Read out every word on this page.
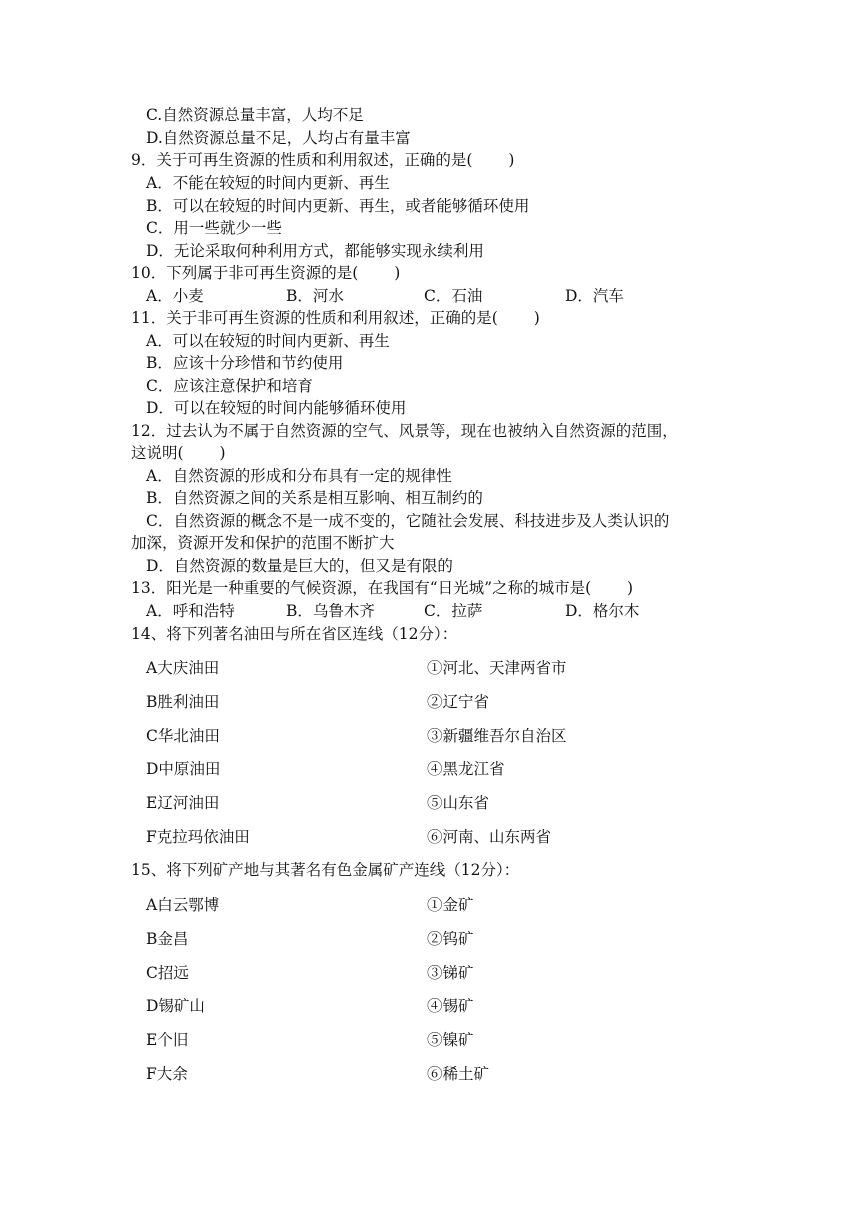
C.自然资源总量丰富，人均不足
D.自然资源总量不足，人均占有量丰富
9．关于可再生资源的性质和利用叙述，正确的是(　　 )
A．不能在较短的时间内更新、再生
B．可以在较短的时间内更新、再生，或者能够循环使用
C．用一些就少一些
D．无论采取何种利用方式，都能够实现永续利用
10．下列属于非可再生资源的是(　　 )
A．小麦	B．河水	C．石油	D．汽车
11．关于非可再生资源的性质和利用叙述，正确的是(　　 )
A．可以在较短的时间内更新、再生
B．应该十分珍惜和节约使用
C．应该注意保护和培育
D．可以在较短的时间内能够循环使用
12．过去认为不属于自然资源的空气、风景等，现在也被纳入自然资源的范围，
这说明(　　 )
A．自然资源的形成和分布具有一定的规律性
B．自然资源之间的关系是相互影响、相互制约的
C．自然资源的概念不是一成不变的，它随社会发展、科技进步及人类认识的
加深，资源开发和保护的范围不断扩大
D．自然资源的数量是巨大的，但又是有限的
13．阳光是一种重要的气候资源，在我国有“日光城”之称的城市是(　　 )
A．呼和浩特	B．乌鲁木齐	C．拉萨	D．格尔木
14、将下列著名油田与所在省区连线（12分）：
A大庆油田	①河北、天津两省市
B胜利油田	②辽宁省
C华北油田	③新疆维吾尔自治区
D中原油田	④黑龙江省
E辽河油田	⑤山东省
F克拉玛依油田	⑥河南、山东两省
15、将下列矿产地与其著名有色金属矿产连线（12分）：
A白云鄂博	①金矿
B金昌	②钨矿
C招远	③锑矿
D锡矿山	④锡矿
E个旧	⑤镍矿
F大余	⑥稀土矿
